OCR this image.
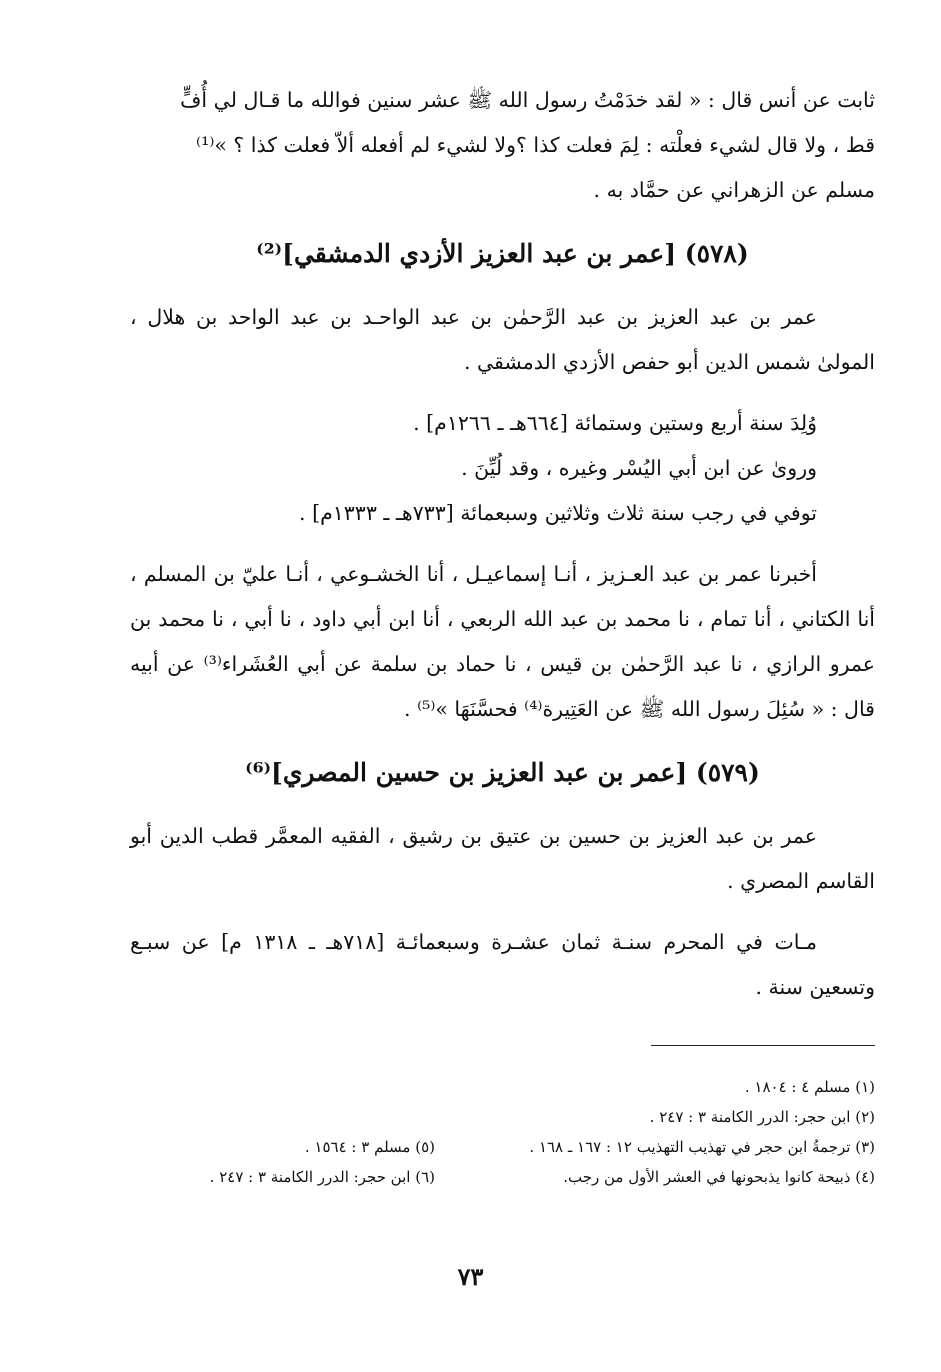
ثابت عن أنس قال : « لقد خدَمْتُ رسول الله ﷺ عشر سنين فوالله ما قـال لي أُفٍّ

قط ، ولا قال لشيء فعلْته : لِمَ فعلت كذا ؟ولا لشيء لم أفعله ألاّ فعلت كذا ؟ »⁽¹⁾

مسلم عن الزهراني عن حمَّاد به .

(٥٧٨) [عمر بن عبد العزيز الأزدي الدمشقي]⁽²⁾

عمر بن عبد العزيز بن عبد الرَّحمٰن بن عبد الواحـد بن عبد الواحد بن هلال ، المولىٰ شمس الدين أبو حفص الأزدي الدمشقي .

وُلِدَ سنة أربع وستين وستمائة [٦٦٤هـ ـ ١٢٦٦م] .

وروىٰ عن ابن أبي اليُسْر وغيره ، وقد لُيِّنَ .

توفي في رجب سنة ثلاث وثلاثين وسبعمائة [٧٣٣هـ ـ ١٣٣٣م] .

أخبرنا عمر بن عبد العـزيز ، أنـا إسماعيـل ، أنا الخشـوعي ، أنـا عليّ بن المسلم ، أنا الكتاني ، أنا تمام ، نا محمد بن عبد الله الربعي ، أنا ابن أبي داود ، نا أبي ، نا محمد بن عمرو الرازي ، نا عبد الرَّحمٰن بن قيس ، نا حماد بن سلمة عن أبي العُشَراء⁽³⁾ عن أبيه قال : « سُئِلَ رسول الله ﷺ عن العَتِيرة⁽⁴⁾ فحسَّنَهَا »⁽⁵⁾ .

(٥٧٩) [عمر بن عبد العزيز بن حسين المصري]⁽⁶⁾

عمر بن عبد العزيز بن حسين بن عتيق بن رشيق ، الفقيه المعمَّر قطب الدين أبو القاسم المصري .

مـات في المحرم سنـة ثمان عشـرة وسبعمائـة [٧١٨هـ ـ ١٣١٨ م] عن سبـع وتسعين سنة .

(١) مسلم ٤ : ١٨٠٤ .
(٢) ابن حجر: الدرر الكامنة ٣ : ٢٤٧ .
(٣) ترجمةُ ابن حجر في تهذيب التهذيب ١٢ : ١٦٧ ـ ١٦٨ .
(٥) مسلم ٣ : ١٥٦٤ .
(٤) ذبيحة كانوا يذبحونها في العشر الأول من رجب.
(٦) ابن حجر: الدرر الكامنة ٣ : ٢٤٧ .
٧٣
